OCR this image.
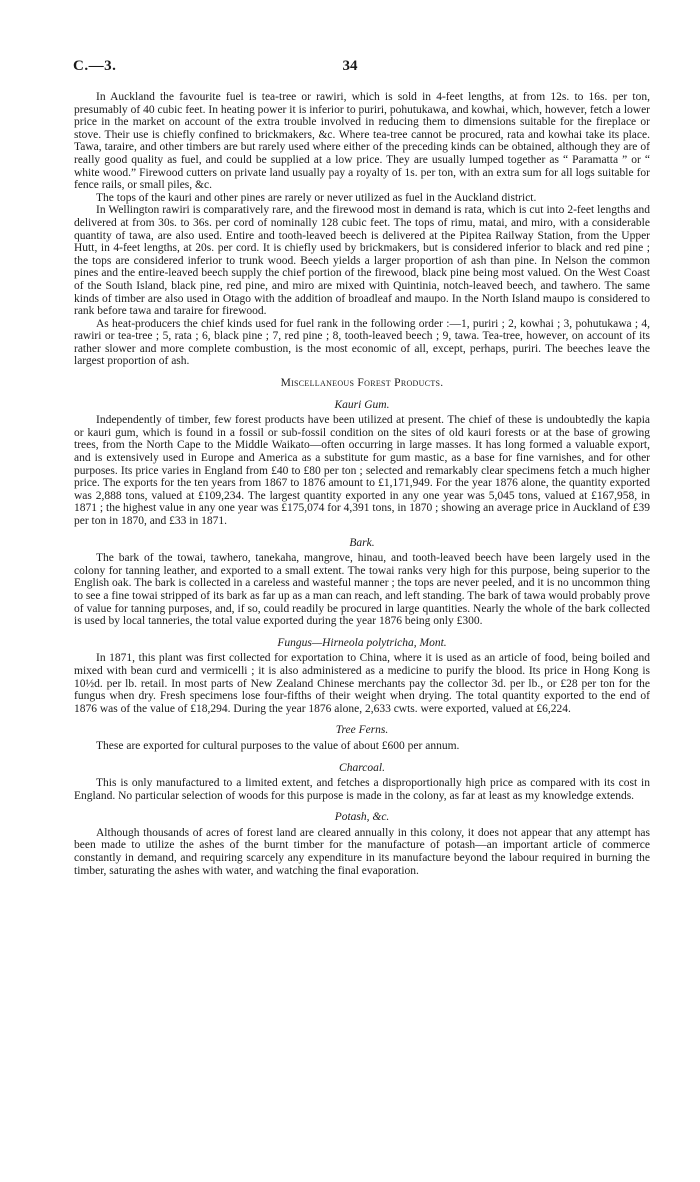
C.—3.	34

In Auckland the favourite fuel is tea-tree or rawiri, which is sold in 4-feet lengths, at from 12s. to 16s. per ton, presumably of 40 cubic feet. In heating power it is inferior to puriri, pohutukawa, and kowhai, which, however, fetch a lower price in the market on account of the extra trouble involved in reducing them to dimensions suitable for the fireplace or stove. Their use is chiefly confined to brickmakers, &c. Where tea-tree cannot be procured, rata and kowhai take its place. Tawa, taraire, and other timbers are but rarely used where either of the preceding kinds can be obtained, although they are of really good quality as fuel, and could be supplied at a low price. They are usually lumped together as “ Paramatta ” or “ white wood.” Firewood cutters on private land usually pay a royalty of 1s. per ton, with an extra sum for all logs suitable for fence rails, or small piles, &c.

The tops of the kauri and other pines are rarely or never utilized as fuel in the Auckland district.

In Wellington rawiri is comparatively rare, and the firewood most in demand is rata, which is cut into 2-feet lengths and delivered at from 30s. to 36s. per cord of nominally 128 cubic feet. The tops of rimu, matai, and miro, with a considerable quantity of tawa, are also used. Entire and tooth-leaved beech is delivered at the Pipitea Railway Station, from the Upper Hutt, in 4-feet lengths, at 20s. per cord. It is chiefly used by brickmakers, but is considered inferior to black and red pine ; the tops are considered inferior to trunk wood. Beech yields a larger proportion of ash than pine. In Nelson the common pines and the entire-leaved beech supply the chief portion of the firewood, black pine being most valued. On the West Coast of the South Island, black pine, red pine, and miro are mixed with Quintinia, notch-leaved beech, and tawhero. The same kinds of timber are also used in Otago with the addition of broadleaf and maupo. In the North Island maupo is considered to rank before tawa and taraire for firewood.

As heat-producers the chief kinds used for fuel rank in the following order :—1, puriri ; 2, kowhai ; 3, pohutukawa ; 4, rawiri or tea-tree ; 5, rata ; 6, black pine ; 7, red pine ; 8, tooth-leaved beech ; 9, tawa. Tea-tree, however, on account of its rather slower and more complete combustion, is the most economic of all, except, perhaps, puriri. The beeches leave the largest proportion of ash.

Miscellaneous Forest Products.
Kauri Gum.

Independently of timber, few forest products have been utilized at present. The chief of these is undoubtedly the kapia or kauri gum, which is found in a fossil or sub-fossil condition on the sites of old kauri forests or at the base of growing trees, from the North Cape to the Middle Waikato—often occurring in large masses. It has long formed a valuable export, and is extensively used in Europe and America as a substitute for gum mastic, as a base for fine varnishes, and for other purposes. Its price varies in England from £40 to £80 per ton ; selected and remarkably clear specimens fetch a much higher price. The exports for the ten years from 1867 to 1876 amount to £1,171,949. For the year 1876 alone, the quantity exported was 2,888 tons, valued at £109,234. The largest quantity exported in any one year was 5,045 tons, valued at £167,958, in 1871 ; the highest value in any one year was £175,074 for 4,391 tons, in 1870 ; showing an average price in Auckland of £39 per ton in 1870, and £33 in 1871.

Bark.

The bark of the towai, tawhero, tanekaha, mangrove, hinau, and tooth-leaved beech have been largely used in the colony for tanning leather, and exported to a small extent. The towai ranks very high for this purpose, being superior to the English oak. The bark is collected in a careless and wasteful manner ; the tops are never peeled, and it is no uncommon thing to see a fine towai stripped of its bark as far up as a man can reach, and left standing. The bark of tawa would probably prove of value for tanning purposes, and, if so, could readily be procured in large quantities. Nearly the whole of the bark collected is used by local tanneries, the total value exported during the year 1876 being only £300.

Fungus—Hirneola polytricha, Mont.

In 1871, this plant was first collected for exportation to China, where it is used as an article of food, being boiled and mixed with bean curd and vermicelli ; it is also administered as a medicine to purify the blood. Its price in Hong Kong is 10½d. per lb. retail. In most parts of New Zealand Chinese merchants pay the collector 3d. per lb., or £28 per ton for the fungus when dry. Fresh specimens lose four-fifths of their weight when drying. The total quantity exported to the end of 1876 was of the value of £18,294. During the year 1876 alone, 2,633 cwts. were exported, valued at £6,224.

Tree Ferns.

These are exported for cultural purposes to the value of about £600 per annum.

Charcoal.

This is only manufactured to a limited extent, and fetches a disproportionally high price as compared with its cost in England. No particular selection of woods for this purpose is made in the colony, as far at least as my knowledge extends.

Potash, &c.

Although thousands of acres of forest land are cleared annually in this colony, it does not appear that any attempt has been made to utilize the ashes of the burnt timber for the manufacture of potash—an important article of commerce constantly in demand, and requiring scarcely any expenditure in its manufacture beyond the labour required in burning the timber, saturating the ashes with water, and watching the final evaporation.
